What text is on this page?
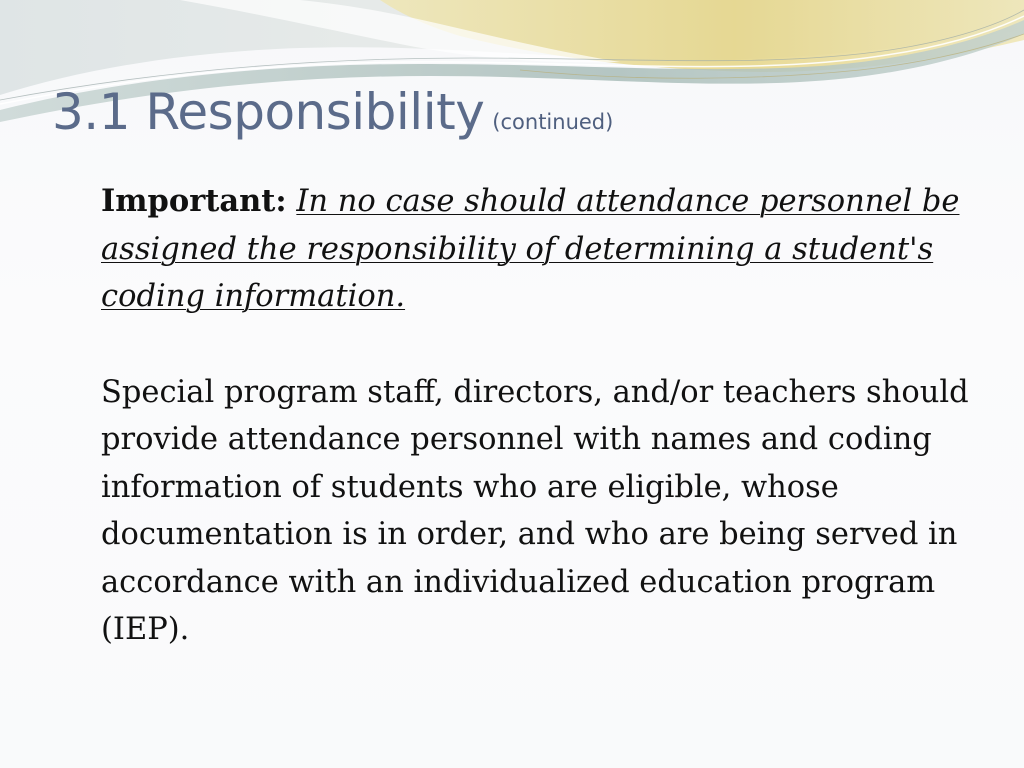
3.1 Responsibility (continued)

Important: In no case should attendance personnel be assigned the responsibility of determining a student's coding information.

Special program staff, directors, and/or teachers should provide attendance personnel with names and coding information of students who are eligible, whose documentation is in order, and who are being served in accordance with an individualized education program (IEP).
